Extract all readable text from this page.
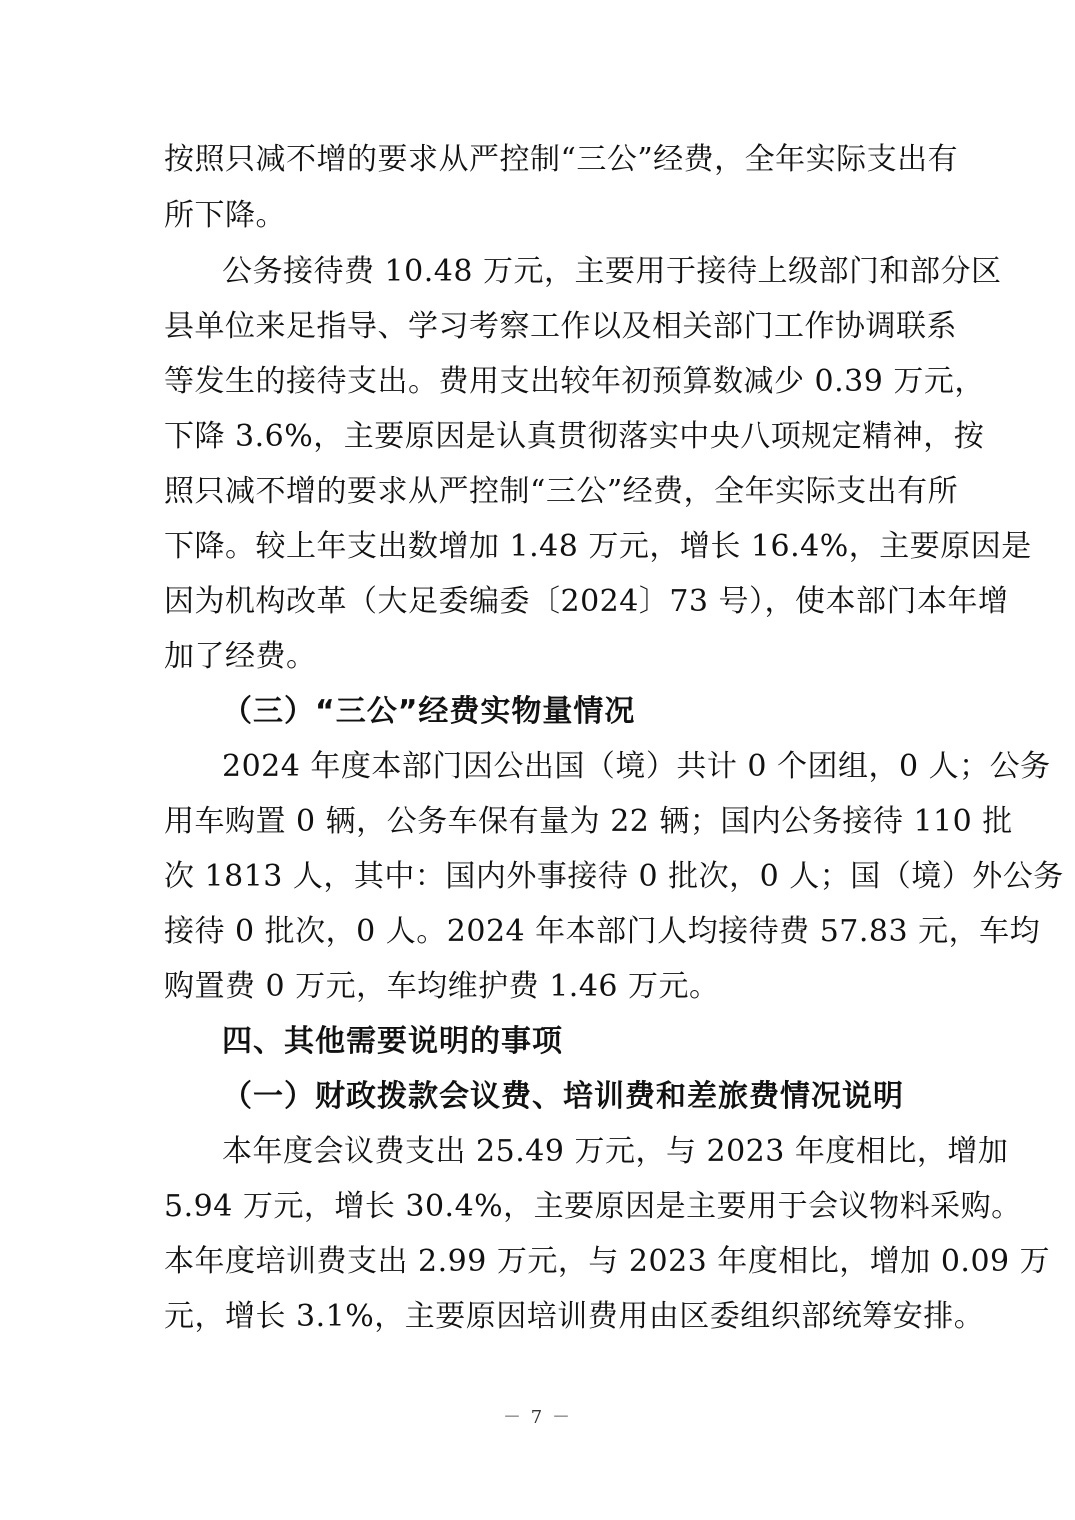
按照只减不增的要求从严控制“三公”经费，全年实际支出有
所下降。
公务接待费 10.48 万元，主要用于接待上级部门和部分区
县单位来足指导、学习考察工作以及相关部门工作协调联系
等发生的接待支出。费用支出较年初预算数减少 0.39 万元，
下降 3.6%，主要原因是认真贯彻落实中央八项规定精神，按
照只减不增的要求从严控制“三公”经费，全年实际支出有所
下降。较上年支出数增加 1.48 万元，增长 16.4%，主要原因是
因为机构改革（大足委编委〔2024〕73 号），使本部门本年增
加了经费。
（三）“三公”经费实物量情况
2024 年度本部门因公出国（境）共计 0 个团组，0 人；公务
用车购置 0 辆，公务车保有量为 22 辆；国内公务接待 110 批
次 1813 人，其中：国内外事接待 0 批次，0 人；国（境）外公务
接待 0 批次，0 人。2024 年本部门人均接待费 57.83 元，车均
购置费 0 万元，车均维护费 1.46 万元。
四、其他需要说明的事项
（一）财政拨款会议费、培训费和差旅费情况说明
本年度会议费支出 25.49 万元，与 2023 年度相比，增加
5.94 万元，增长 30.4%，主要原因是主要用于会议物料采购。
本年度培训费支出 2.99 万元，与 2023 年度相比，增加 0.09 万
元，增长 3.1%，主要原因培训费用由区委组织部统筹安排。
－ 7 －
